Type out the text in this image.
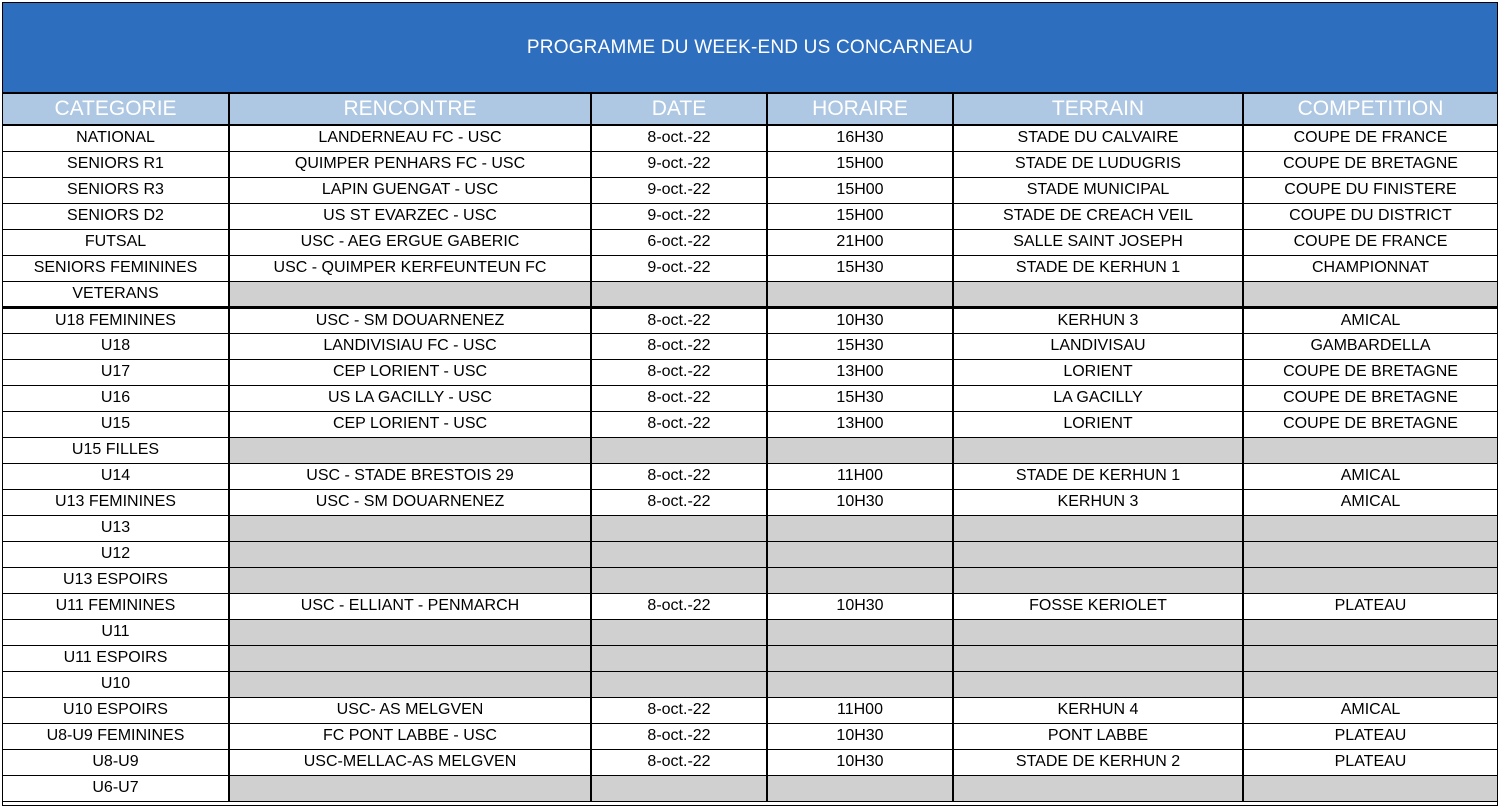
PROGRAMME DU WEEK-END US CONCARNEAU
CATEGORIE	RENCONTRE	DATE	HORAIRE	TERRAIN	COMPETITION
NATIONAL	LANDERNEAU FC - USC	8-oct.-22	16H30	STADE DU CALVAIRE	COUPE DE FRANCE
SENIORS R1	QUIMPER PENHARS FC - USC	9-oct.-22	15H00	STADE DE LUDUGRIS	COUPE DE BRETAGNE
SENIORS R3	LAPIN GUENGAT - USC	9-oct.-22	15H00	STADE MUNICIPAL	COUPE DU FINISTERE
SENIORS D2	US ST EVARZEC - USC	9-oct.-22	15H00	STADE DE CREACH VEIL	COUPE DU DISTRICT
FUTSAL	USC - AEG ERGUE GABERIC	6-oct.-22	21H00	SALLE SAINT JOSEPH	COUPE DE FRANCE
SENIORS FEMININES	USC - QUIMPER KERFEUNTEUN FC	9-oct.-22	15H30	STADE DE KERHUN 1	CHAMPIONNAT
VETERANS					
U18 FEMININES	USC - SM DOUARNENEZ	8-oct.-22	10H30	KERHUN 3	AMICAL
U18	LANDIVISIAU FC - USC	8-oct.-22	15H30	LANDIVISAU	GAMBARDELLA
U17	CEP LORIENT - USC	8-oct.-22	13H00	LORIENT	COUPE DE BRETAGNE
U16	US LA GACILLY - USC	8-oct.-22	15H30	LA GACILLY	COUPE DE BRETAGNE
U15	CEP LORIENT - USC	8-oct.-22	13H00	LORIENT	COUPE DE BRETAGNE
U15 FILLES					
U14	USC - STADE BRESTOIS 29	8-oct.-22	11H00	STADE DE KERHUN 1	AMICAL
U13 FEMININES	USC - SM DOUARNENEZ	8-oct.-22	10H30	KERHUN 3	AMICAL
U13					
U12					
U13 ESPOIRS					
U11 FEMININES	USC - ELLIANT - PENMARCH	8-oct.-22	10H30	FOSSE KERIOLET	PLATEAU
U11					
U11 ESPOIRS					
U10					
U10 ESPOIRS	USC- AS MELGVEN	8-oct.-22	11H00	KERHUN 4	AMICAL
U8-U9 FEMININES	FC PONT LABBE - USC	8-oct.-22	10H30	PONT LABBE	PLATEAU
U8-U9	USC-MELLAC-AS MELGVEN	8-oct.-22	10H30	STADE DE KERHUN 2	PLATEAU
U6-U7					
